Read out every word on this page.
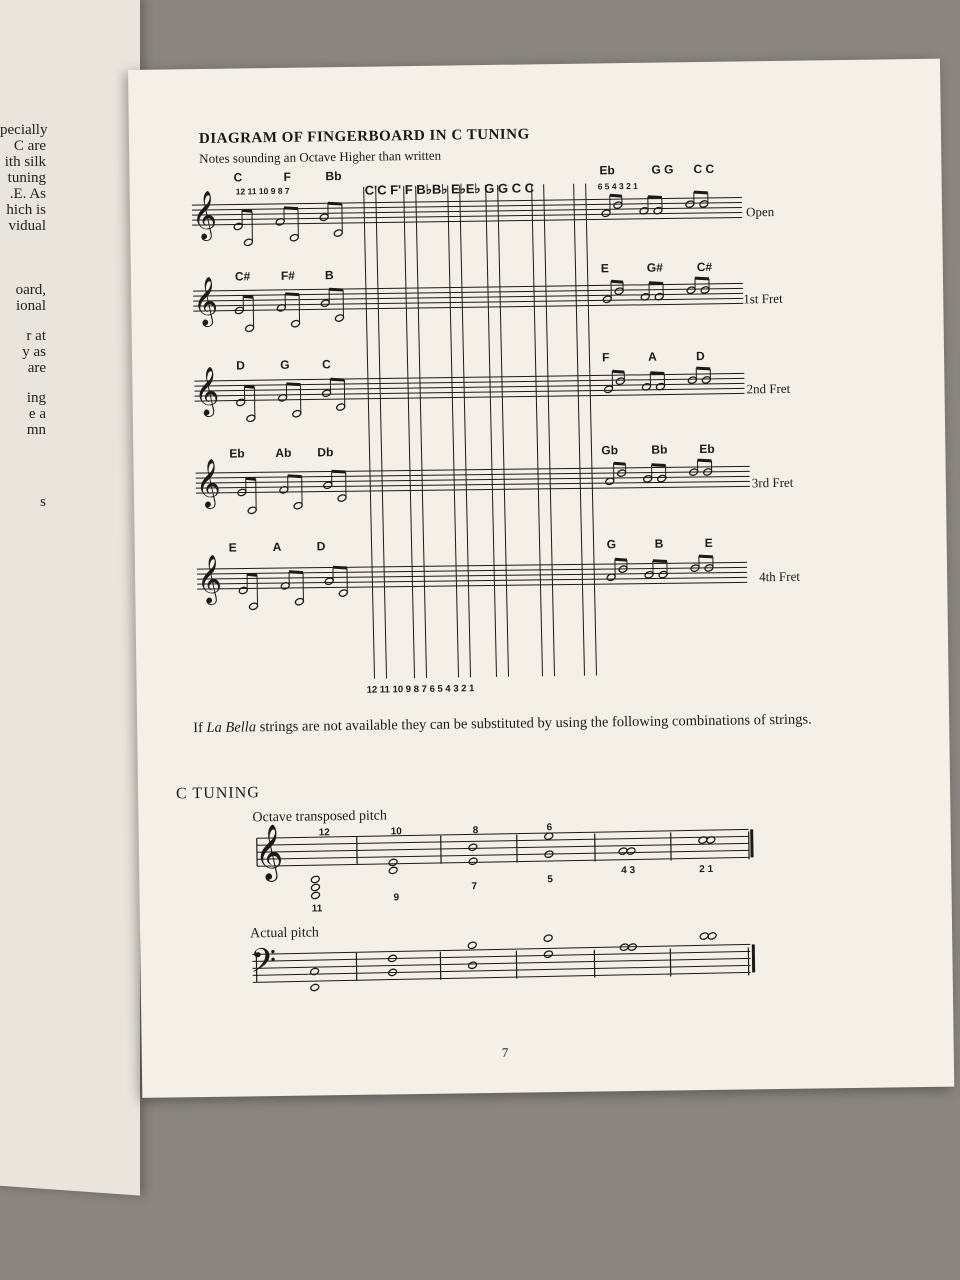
pecially
C are
ith silk
tuning
.E. As
hich is
vidual
oard,
ional
r at
y as
are
ing
e a
mn
s
DIAGRAM OF FINGERBOARD IN C TUNING
Notes sounding an Octave Higher than written
𝄞
𝄞
𝄞
𝄞
𝄞
C'C F' F B♭B♭ E♭E♭ G G C C
12 11 10 9 8 7	6 5 4 3 2 1
12 11 10 9 8 7 6 5 4 3 2 1
C	F	Bb	Eb	G G C C
Open
C#	F# B	E	G#	C#
1st Fret
D	G	C	F	A	D
2nd Fret
Eb	Ab Db	Gb	Bb	Eb
3rd Fret
E	A	D	G	B	E
4th Fret
If La Bella strings are not available they can be substituted by using the following combinations of strings.
C TUNING
Octave transposed pitch
Actual pitch
𝄞
𝄢
12	10	8	6
11
9
7
5
4 3	2 1
7
